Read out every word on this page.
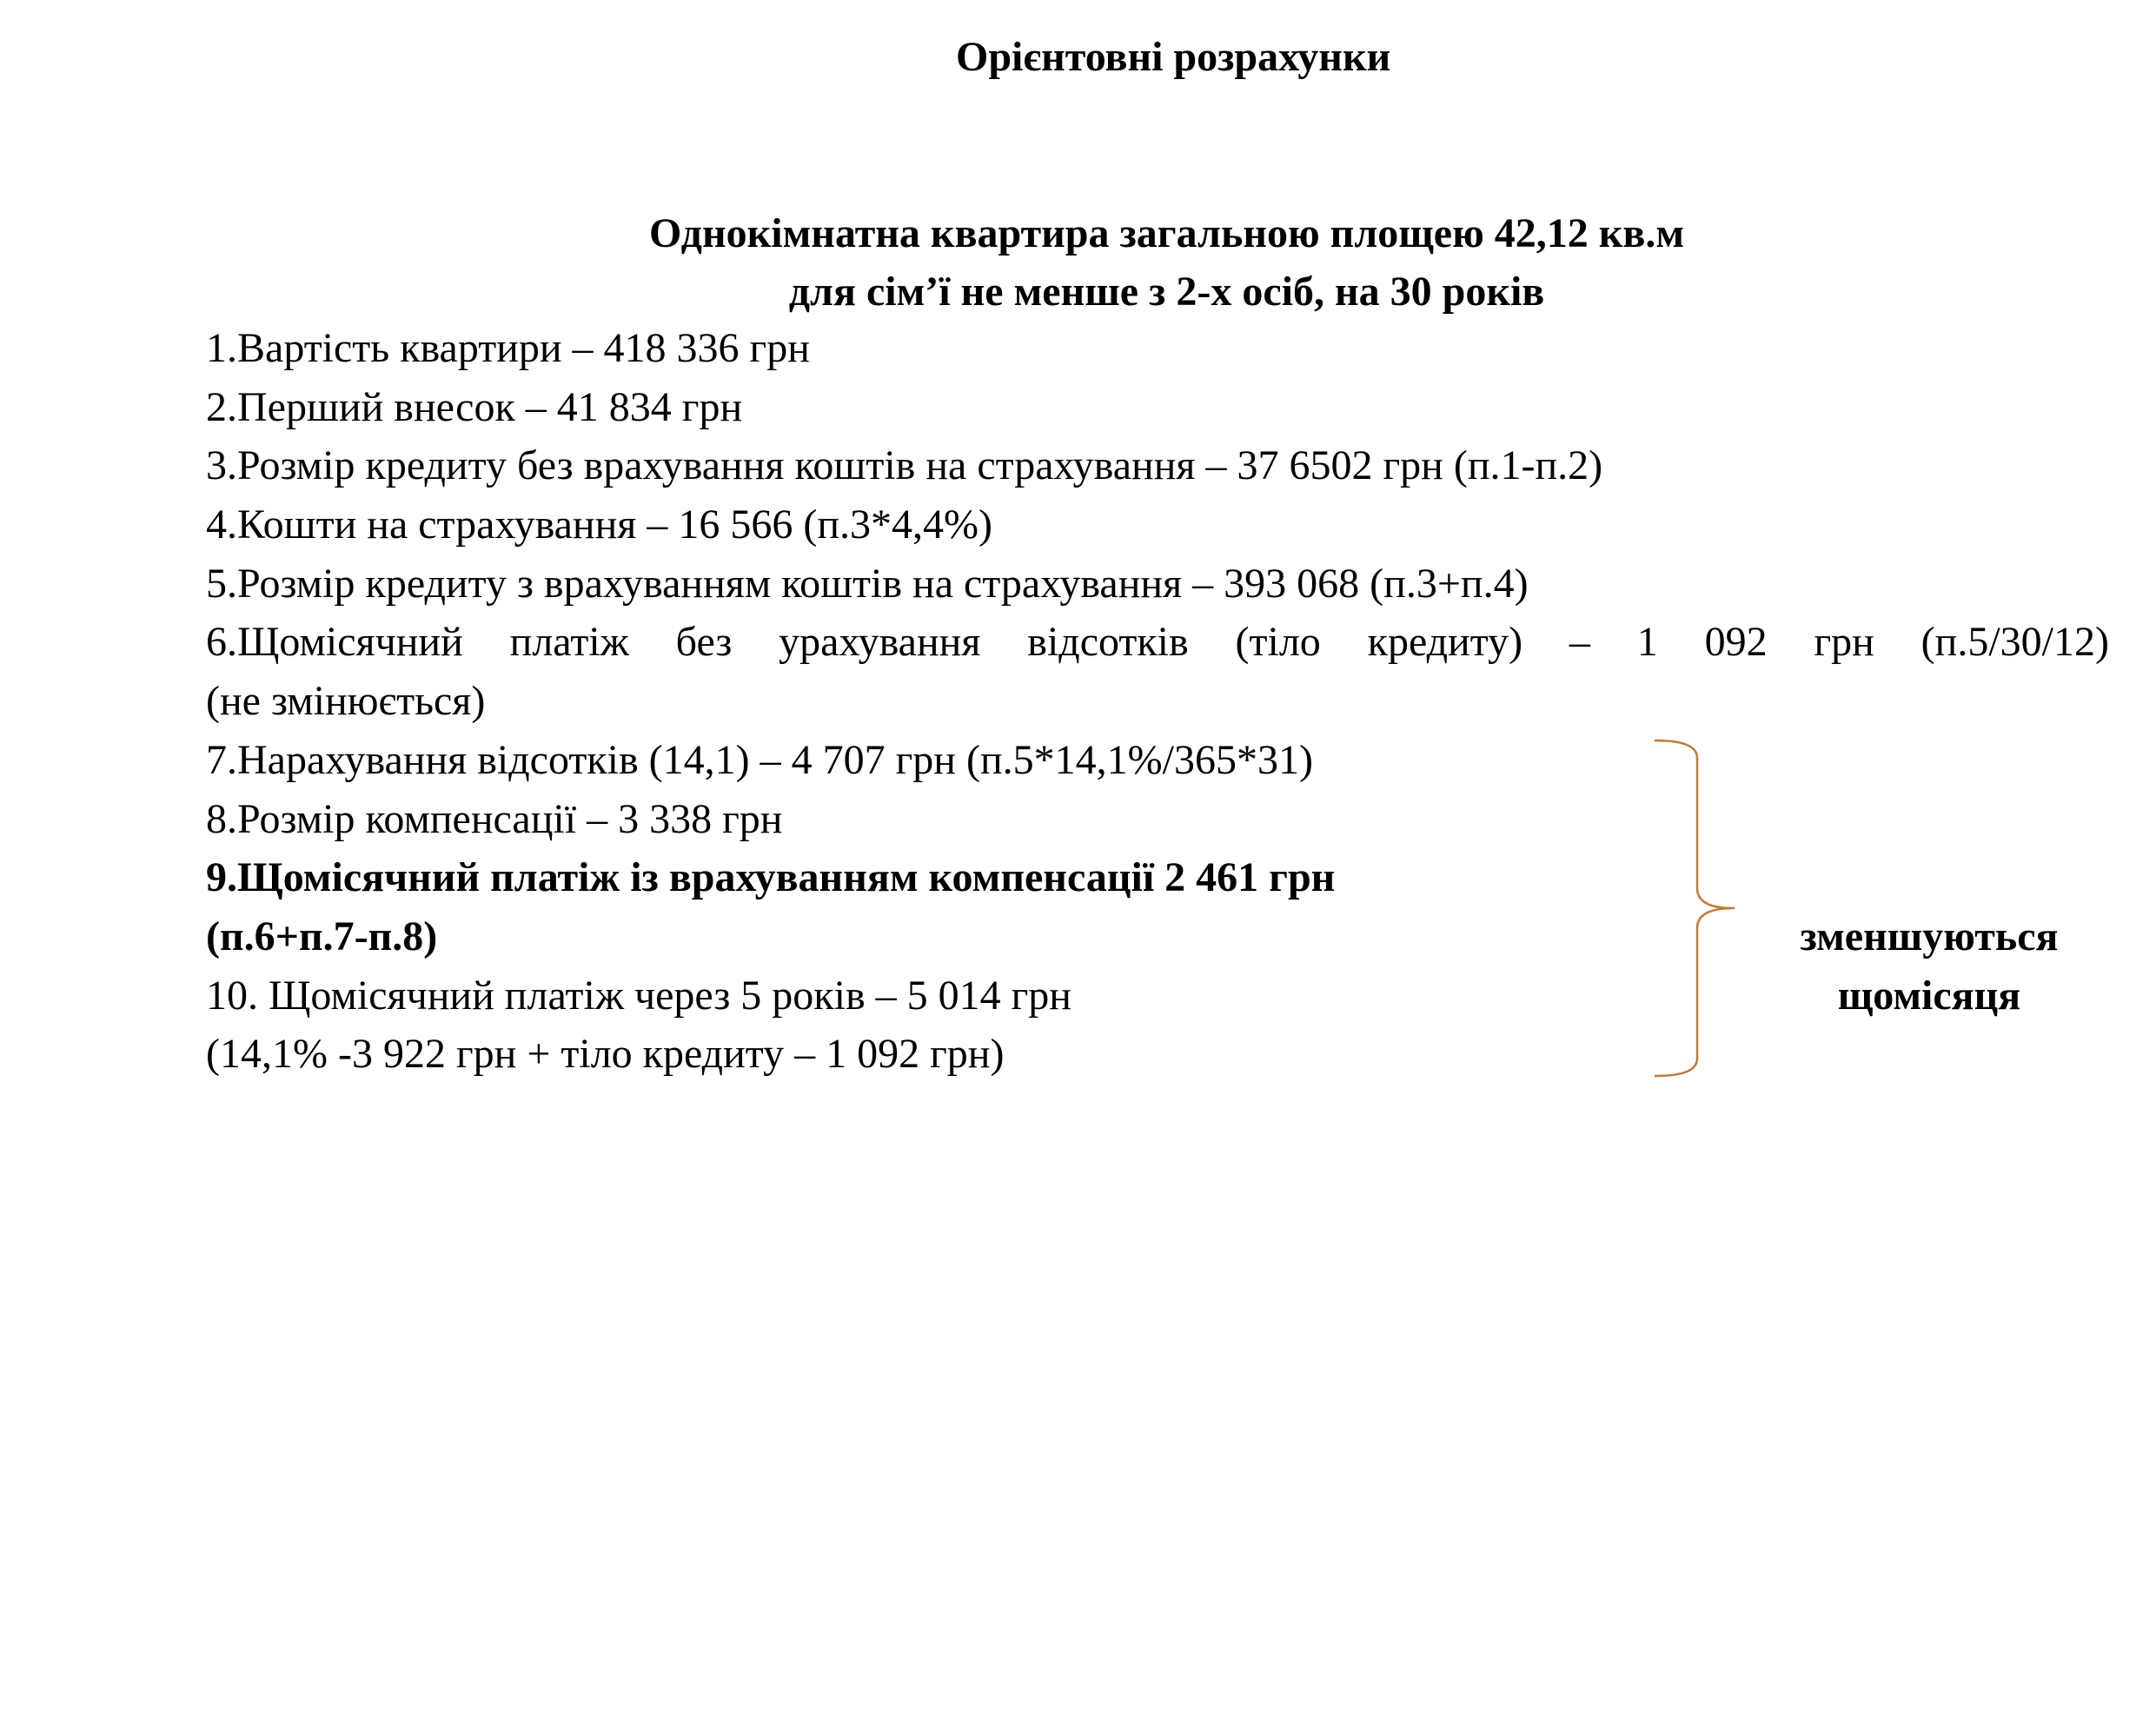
Орієнтовні розрахунки
Однокімнатна квартира загальною площею 42,12 кв.м
для сім’ї не менше з 2-х осіб, на 30 років
1.Вартість квартири – 418 336 грн
2.Перший внесок – 41 834 грн
3.Розмір кредиту без врахування коштів на страхування – 37 6502 грн (п.1-п.2)
4.Кошти на страхування – 16 566 (п.3*4,4%)
5.Розмір кредиту з врахуванням коштів на страхування – 393 068 (п.3+п.4)
6.Щомісячний платіж без урахування відсотків (тіло кредиту) – 1 092 грн (п.5/30/12)
(не змінюється)
7.Нарахування відсотків (14,1) – 4 707 грн (п.5*14,1%/365*31)
8.Розмір компенсації – 3 338 грн
9.Щомісячний платіж із врахуванням компенсації 2 461 грн
(п.6+п.7-п.8)
10. Щомісячний платіж через 5 років – 5 014 грн
(14,1% -3 922 грн + тіло кредиту – 1 092 грн)
зменшуються
щомісяця
